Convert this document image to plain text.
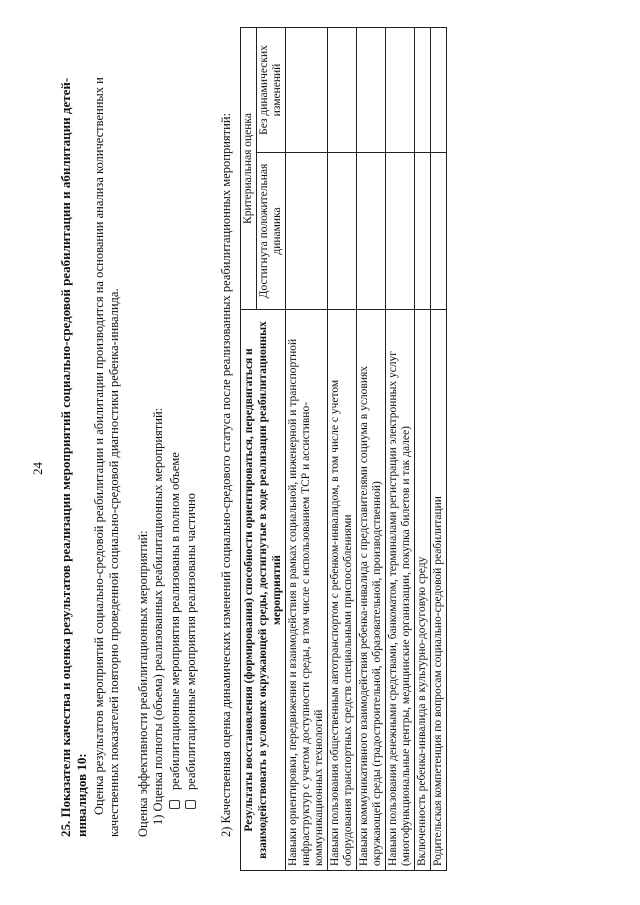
24 25. Показатели качества и оценка результатов реализации мероприятий социально-средовой реабилитации и абилитации детей-инвалидов 10: Оценка результатов мероприятий социально-средовой реабилитации и абилитации производится на основании анализа количественных и качественных показателей повторно проведенной социально-средовой диагностики ребенка-инвалида. Оценка эффективности реабилитационных мероприятий: 1) Оценка полноты (объема) реализованных реабилитационных мероприятий: реабилитационные мероприятия реализованы в полном объеме реабилитационные мероприятия реализованы частично 2) Качественная оценка динамических изменений социально-средового статуса после реализованных реабилитационных мероприятий: Результаты восстановления (формирования) способности ориентироваться, передвигаться и взаимодействовать в условиях окружающей среды, достигнутые в ходе реализации реабилитационных мероприятий	Критериальная оценка	
	Достигнута положительная динамика	Без динамических изменений
Навыки ориентировки, передвижения и взаимодействия в рамках социальной, инженерной и транспортной инфраструктур с учетом доступности среды, в том числе с использованием ТСР и ассистивно-коммуникационных технологий		
Навыки пользования общественным автотранспортом с ребенком-инвалидом, в том числе с учетом оборудования транспортных средств специальными приспособлениями		
Навыки коммуникативного взаимодействия ребенка-инвалида с представителями социума в условиях окружающей среды (градостроительной, образовательной, производственной)		
Навыки пользования денежными средствами, банкоматом, терминалами регистрации электронных услуг (многофункциональные центры, медицинские организации, покупка билетов и так далее)		
Включенность ребенка-инвалида в культурно-досуговую среду		
Родительская компетенция по вопросам социально-средовой реабилитации		
